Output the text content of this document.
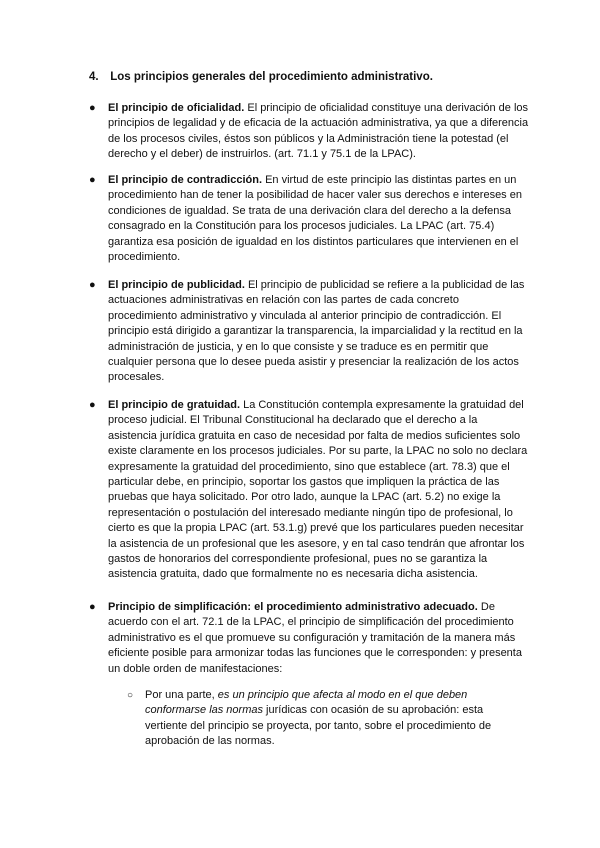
4. Los principios generales del procedimiento administrativo.
●	El principio de oficialidad. El principio de oficialidad constituye una derivación de los principios de legalidad y de eficacia de la actuación administrativa, ya que a diferencia de los procesos civiles, éstos son públicos y la Administración tiene la potestad (el derecho y el deber) de instruirlos. (art. 71.1 y 75.1 de la LPAC).
●	El principio de contradicción. En virtud de este principio las distintas partes en un procedimiento han de tener la posibilidad de hacer valer sus derechos e intereses en condiciones de igualdad. Se trata de una derivación clara del derecho a la defensa consagrado en la Constitución para los procesos judiciales. La LPAC (art. 75.4) garantiza esa posición de igualdad en los distintos particulares que intervienen en el procedimiento.
●	El principio de publicidad. El principio de publicidad se refiere a la publicidad de las actuaciones administrativas en relación con las partes de cada concreto procedimiento administrativo y vinculada al anterior principio de contradicción. El principio está dirigido a garantizar la transparencia, la imparcialidad y la rectitud en la administración de justicia, y en lo que consiste y se traduce es en permitir que cualquier persona que lo desee pueda asistir y presenciar la realización de los actos procesales.
●	El principio de gratuidad. La Constitución contempla expresamente la gratuidad del proceso judicial. El Tribunal Constitucional ha declarado que el derecho a la asistencia jurídica gratuita en caso de necesidad por falta de medios suficientes solo existe claramente en los procesos judiciales. Por su parte, la LPAC no solo no declara expresamente la gratuidad del procedimiento, sino que establece (art. 78.3) que el particular debe, en principio, soportar los gastos que impliquen la práctica de las pruebas que haya solicitado. Por otro lado, aunque la LPAC (art. 5.2) no exige la representación o postulación del interesado mediante ningún tipo de profesional, lo cierto es que la propia LPAC (art. 53.1.g) prevé que los particulares pueden necesitar la asistencia de un profesional que les asesore, y en tal caso tendrán que afrontar los gastos de honorarios del correspondiente profesional, pues no se garantiza la asistencia gratuita, dado que formalmente no es necesaria dicha asistencia.
●	Principio de simplificación: el procedimiento administrativo adecuado. De acuerdo con el art. 72.1 de la LPAC, el principio de simplificación del procedimiento administrativo es el que promueve su configuración y tramitación de la manera más eficiente posible para armonizar todas las funciones que le corresponden: y presenta un doble orden de manifestaciones:
○ Por una parte, es un principio que afecta al modo en el que deben conformarse las normas jurídicas con ocasión de su aprobación: esta vertiente del principio se proyecta, por tanto, sobre el procedimiento de aprobación de las normas.
